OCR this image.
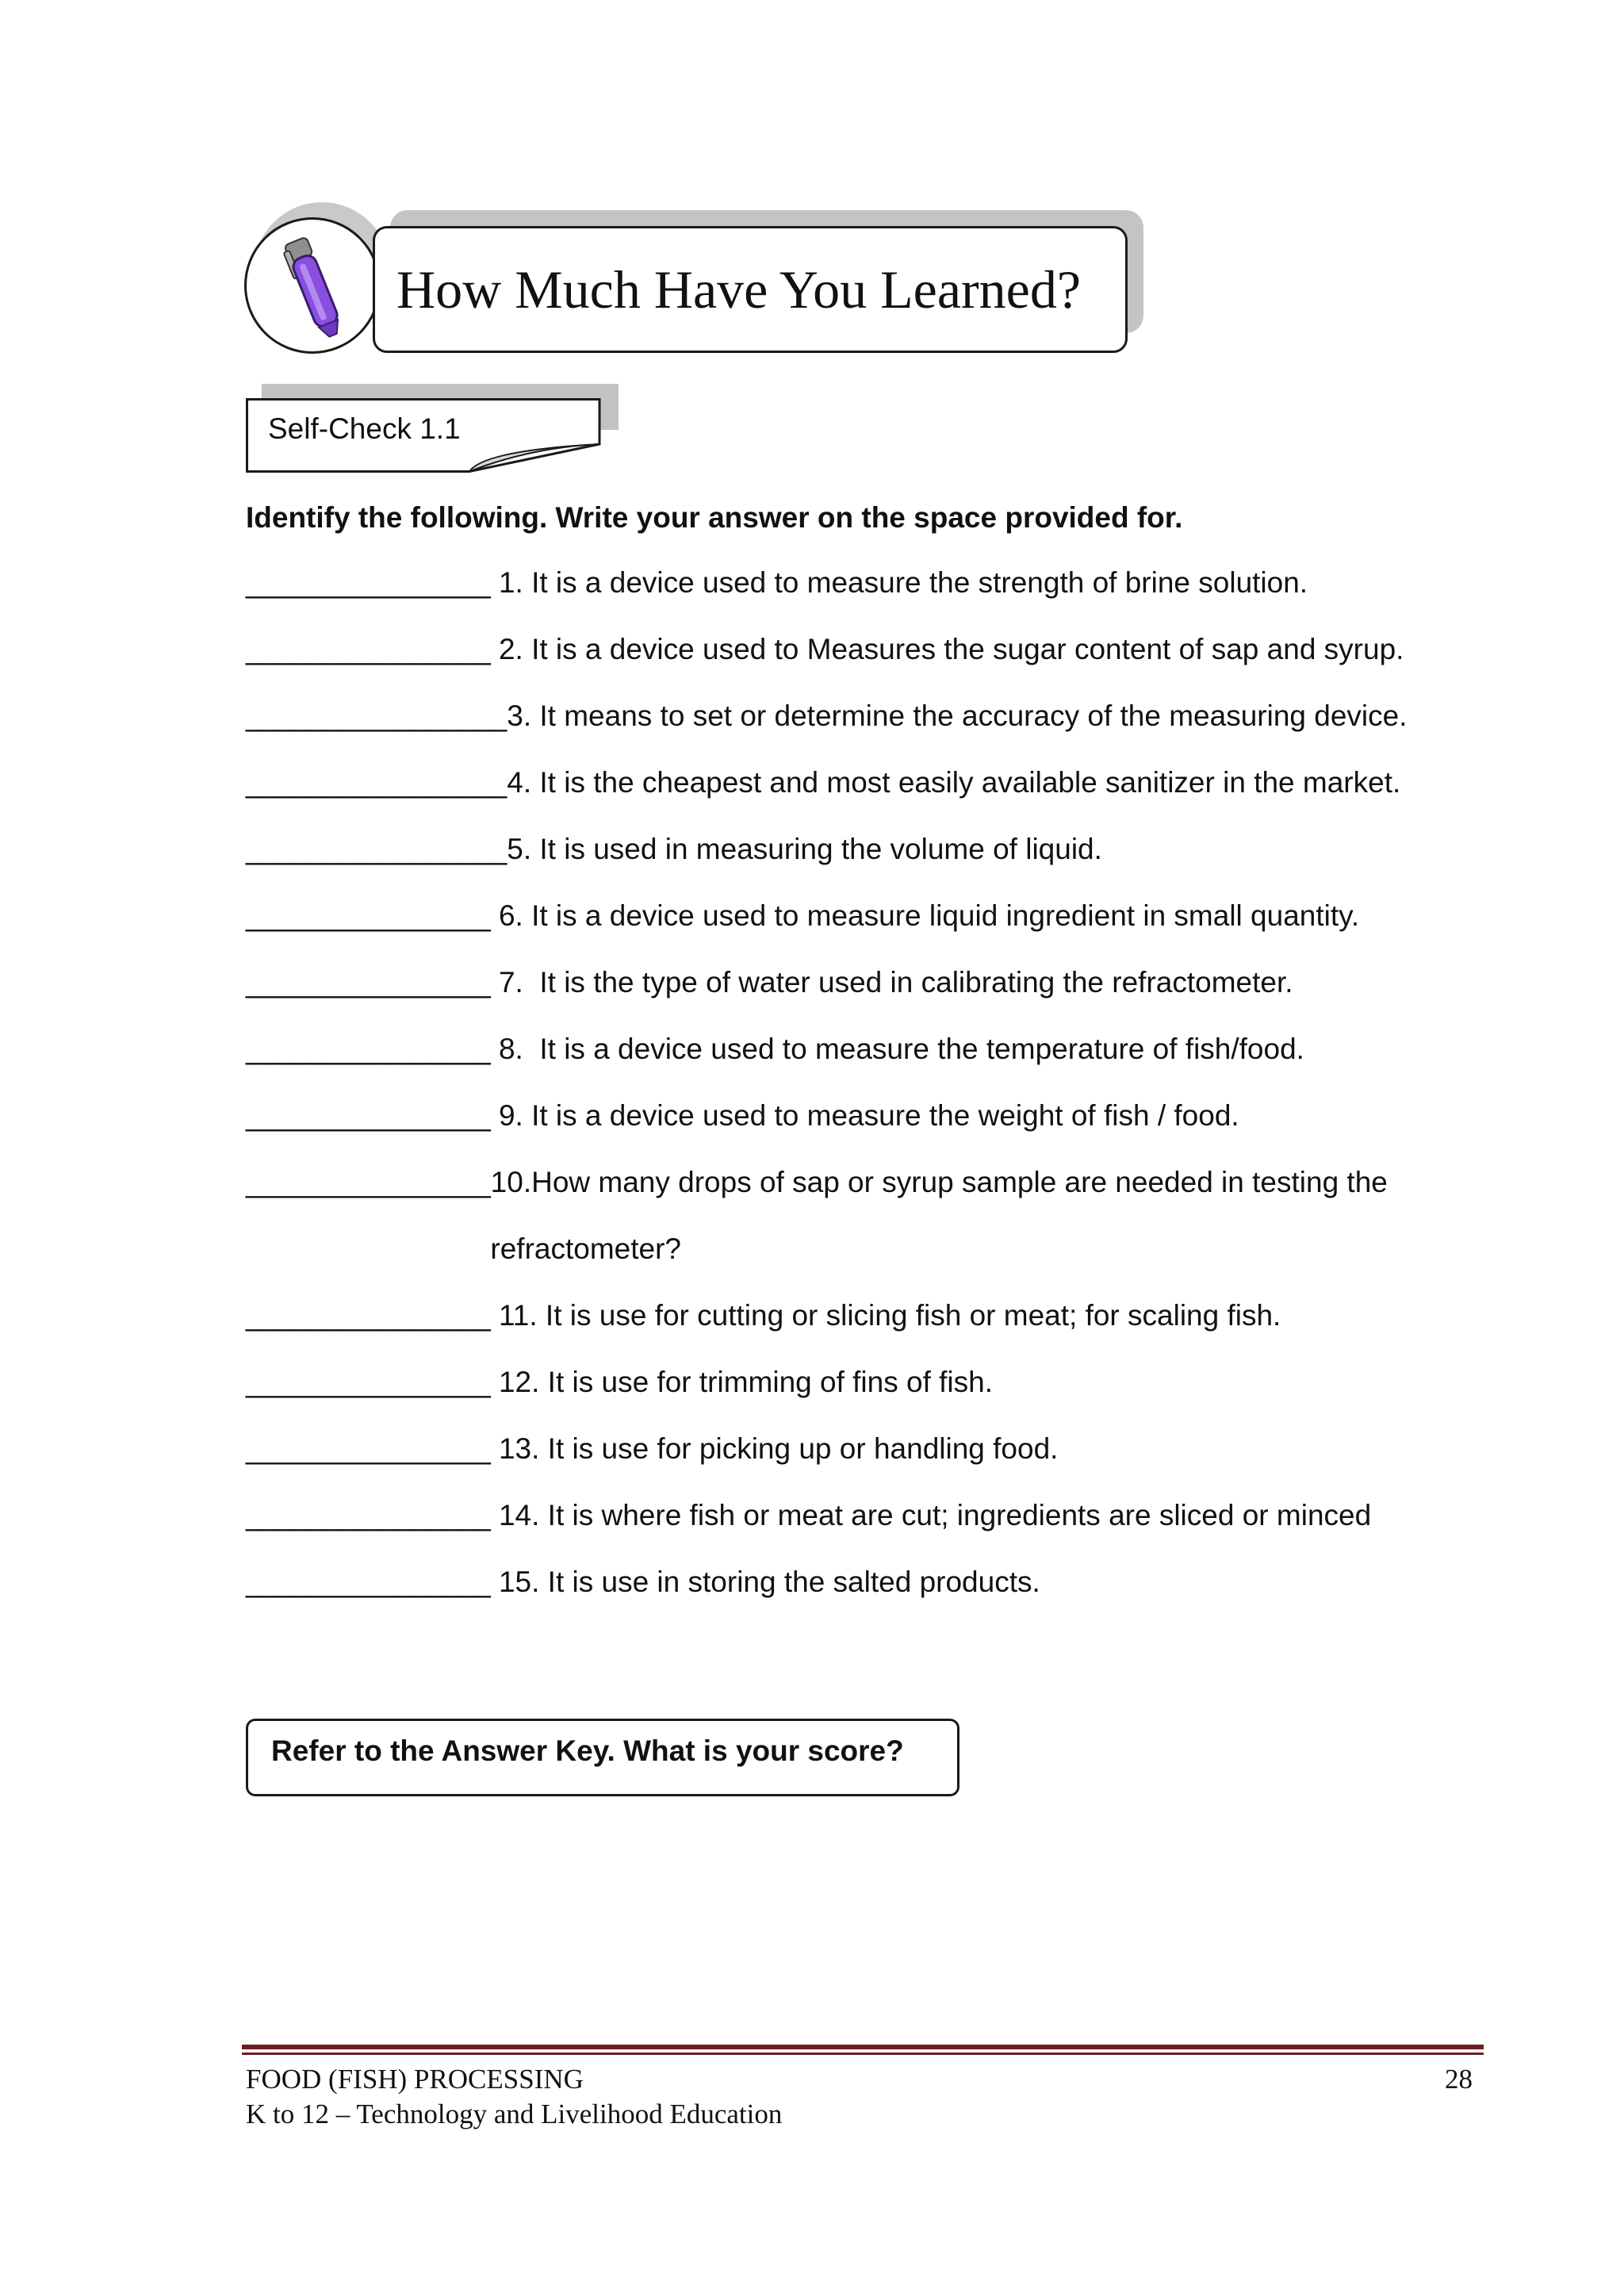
How Much Have You Learned?
Self-Check 1.1
Identify the following. Write your answer on the space provided for.
_______________ 1. It is a device used to measure the strength of brine solution.
_______________ 2. It is a device used to Measures the sugar content of sap and syrup.
________________3. It means to set or determine the accuracy of the measuring device.
________________4. It is the cheapest and most easily available sanitizer in the market.
________________5. It is used in measuring the volume of liquid.
_______________ 6. It is a device used to measure liquid ingredient in small quantity.
_______________ 7.  It is the type of water used in calibrating the refractometer.
_______________ 8.  It is a device used to measure the temperature of fish/food.
_______________ 9. It is a device used to measure the weight of fish / food.
_______________10.How many drops of sap or syrup sample are needed in testing the
refractometer?
_______________ 11. It is use for cutting or slicing fish or meat; for scaling fish.
_______________ 12. It is use for trimming of fins of fish.
_______________ 13. It is use for picking up or handling food.
_______________ 14. It is where fish or meat are cut; ingredients are sliced or minced
_______________ 15. It is use in storing the salted products.
Refer to the Answer Key. What is your score?
FOOD (FISH) PROCESSING
K to 12 – Technology and Livelihood Education
28
